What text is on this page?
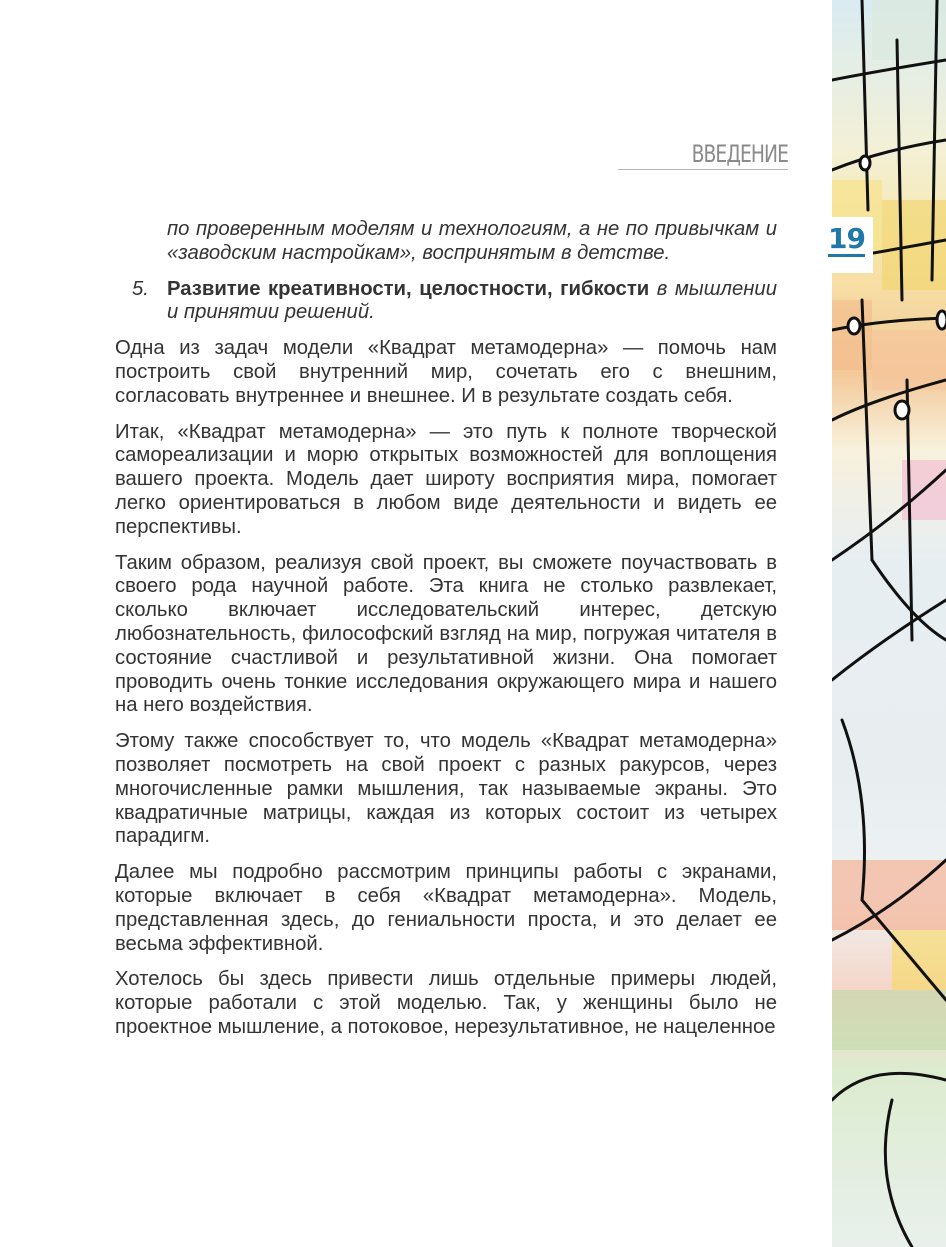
ВВЕДЕНИЕ

по проверенным моделям и технологиям, а не по привычкам и «заводским настройкам», воспринятым в детстве.

5. Развитие креативности, целостности, гибкости в мышлении и принятии решений.

Одна из задач модели «Квадрат метамодерна» — помочь нам построить свой внутренний мир, сочетать его с внешним, согласовать внутреннее и внешнее. И в результате создать себя.

Итак, «Квадрат метамодерна» — это путь к полноте творческой самореализации и морю открытых возможностей для воплощения вашего проекта. Модель дает широту восприятия мира, помогает легко ориентироваться в любом виде деятельности и видеть ее перспективы.

Таким образом, реализуя свой проект, вы сможете поучаствовать в своего рода научной работе. Эта книга не столько развлекает, сколько включает исследовательский интерес, детскую любознательность, философский взгляд на мир, погружая читателя в состояние счастливой и результативной жизни. Она помогает проводить очень тонкие исследования окружающего мира и нашего на него воздействия.

Этому также способствует то, что модель «Квадрат метамодерна» позволяет посмотреть на свой проект с разных ракурсов, через многочисленные рамки мышления, так называемые экраны. Это квадратичные матрицы, каждая из которых состоит из четырех парадигм.

Далее мы подробно рассмотрим принципы работы с экранами, которые включает в себя «Квадрат метамодерна». Модель, представленная здесь, до гениальности проста, и это делает ее весьма эффективной.

Хотелось бы здесь привести лишь отдельные примеры людей, которые работали с этой моделью. Так, у женщины было не проектное мышление, а потоковое, нерезультативное, не нацеленное

19
